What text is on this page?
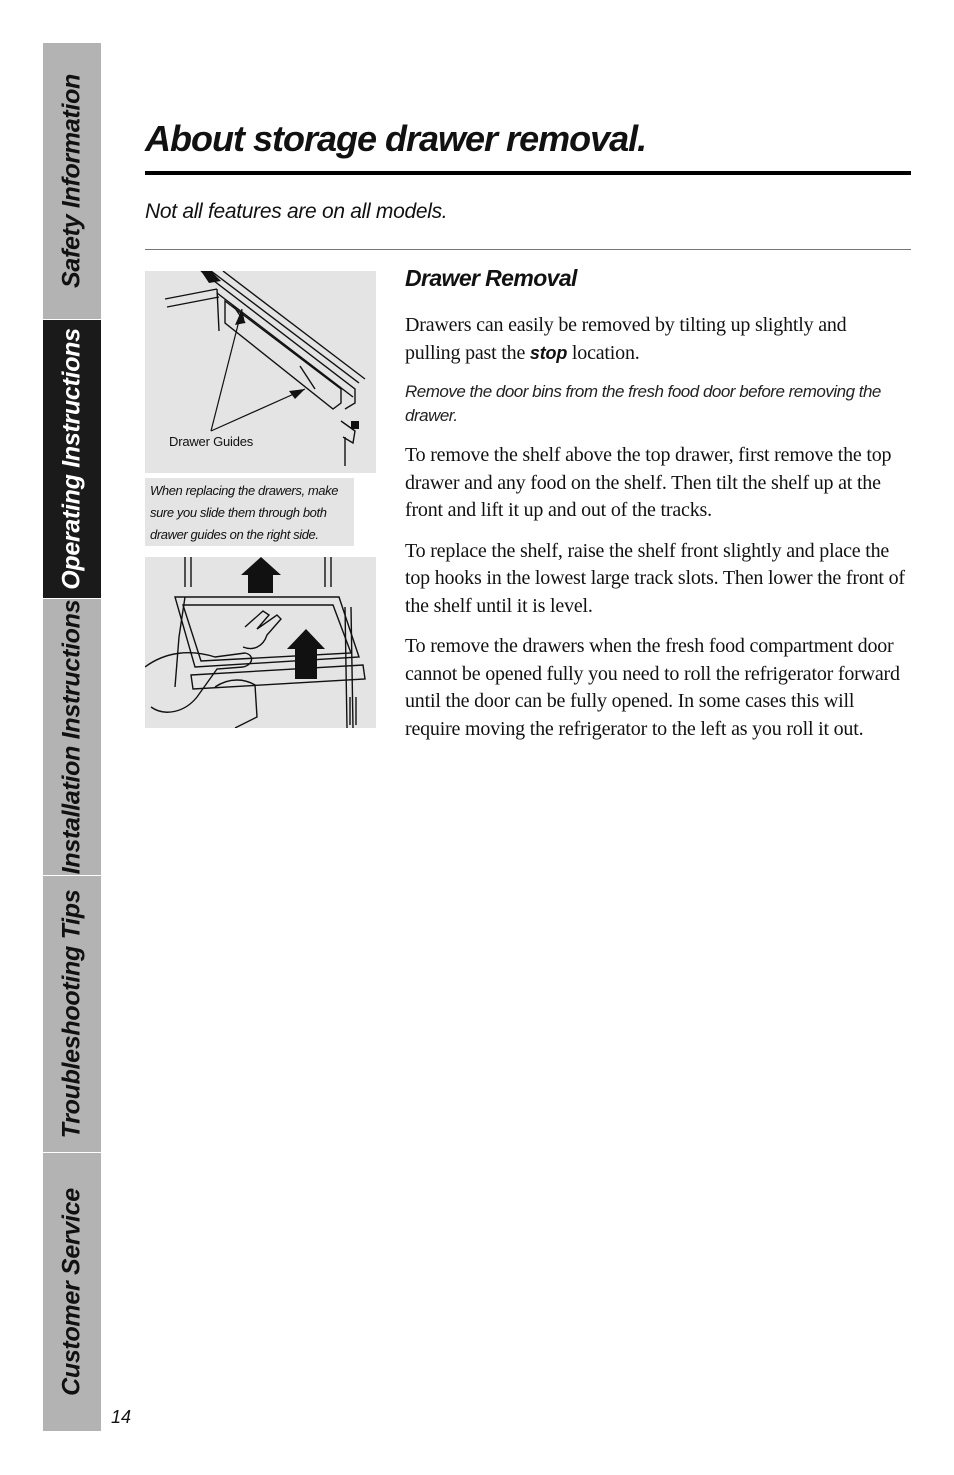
Safety Information
Operating Instructions
Installation Instructions
Troubleshooting Tips
Customer Service
About storage drawer removal.

Not all features are on all models.

Drawer Guides
When replacing the drawers, make sure you slide them through both drawer guides on the right side.
Drawer Removal

Drawers can easily be removed by tilting up slightly and pulling past the stop location.

Remove the door bins from the fresh food door before removing the drawer.

To remove the shelf above the top drawer, first remove the top drawer and any food on the shelf. Then tilt the shelf up at the front and lift it up and out of the tracks.

To replace the shelf, raise the shelf front slightly and place the top hooks in the lowest large track slots. Then lower the front of the shelf until it is level.

To remove the drawers when the fresh food compartment door cannot be opened fully you need to roll the refrigerator forward until the door can be fully opened. In some cases this will require moving the refrigerator to the left as you roll it out.

14
